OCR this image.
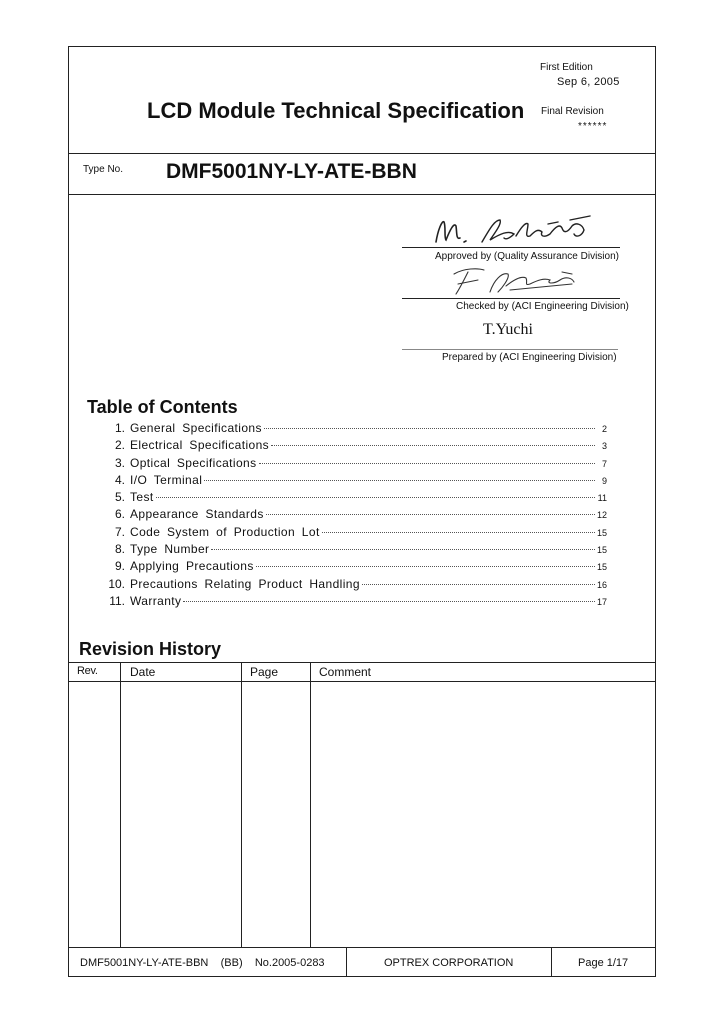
First Edition
Sep 6, 2005
LCD Module Technical Specification Final Revision
******
Type No. DMF5001NY-LY-ATE-BBN
Approved by (Quality Assurance Division)
Checked by (ACI Engineering Division)
T.Yuchi
Prepared by (ACI Engineering Division)
Table of Contents
1. General Specifications	2
2. Electrical Specifications	3
3. Optical Specifications	7
4. I/O Terminal	9
5. Test	11
6. Appearance Standards	12
7. Code System of Production Lot	15
8. Type Number	15
9. Applying Precautions	15
10. Precautions Relating Product Handling	16
11. Warranty	17
Revision History
Rev.	Date	Page	Comment
DMF5001NY-LY-ATE-BBN    (BB)    No.2005-0283	OPTREX CORPORATION	Page 1/17
